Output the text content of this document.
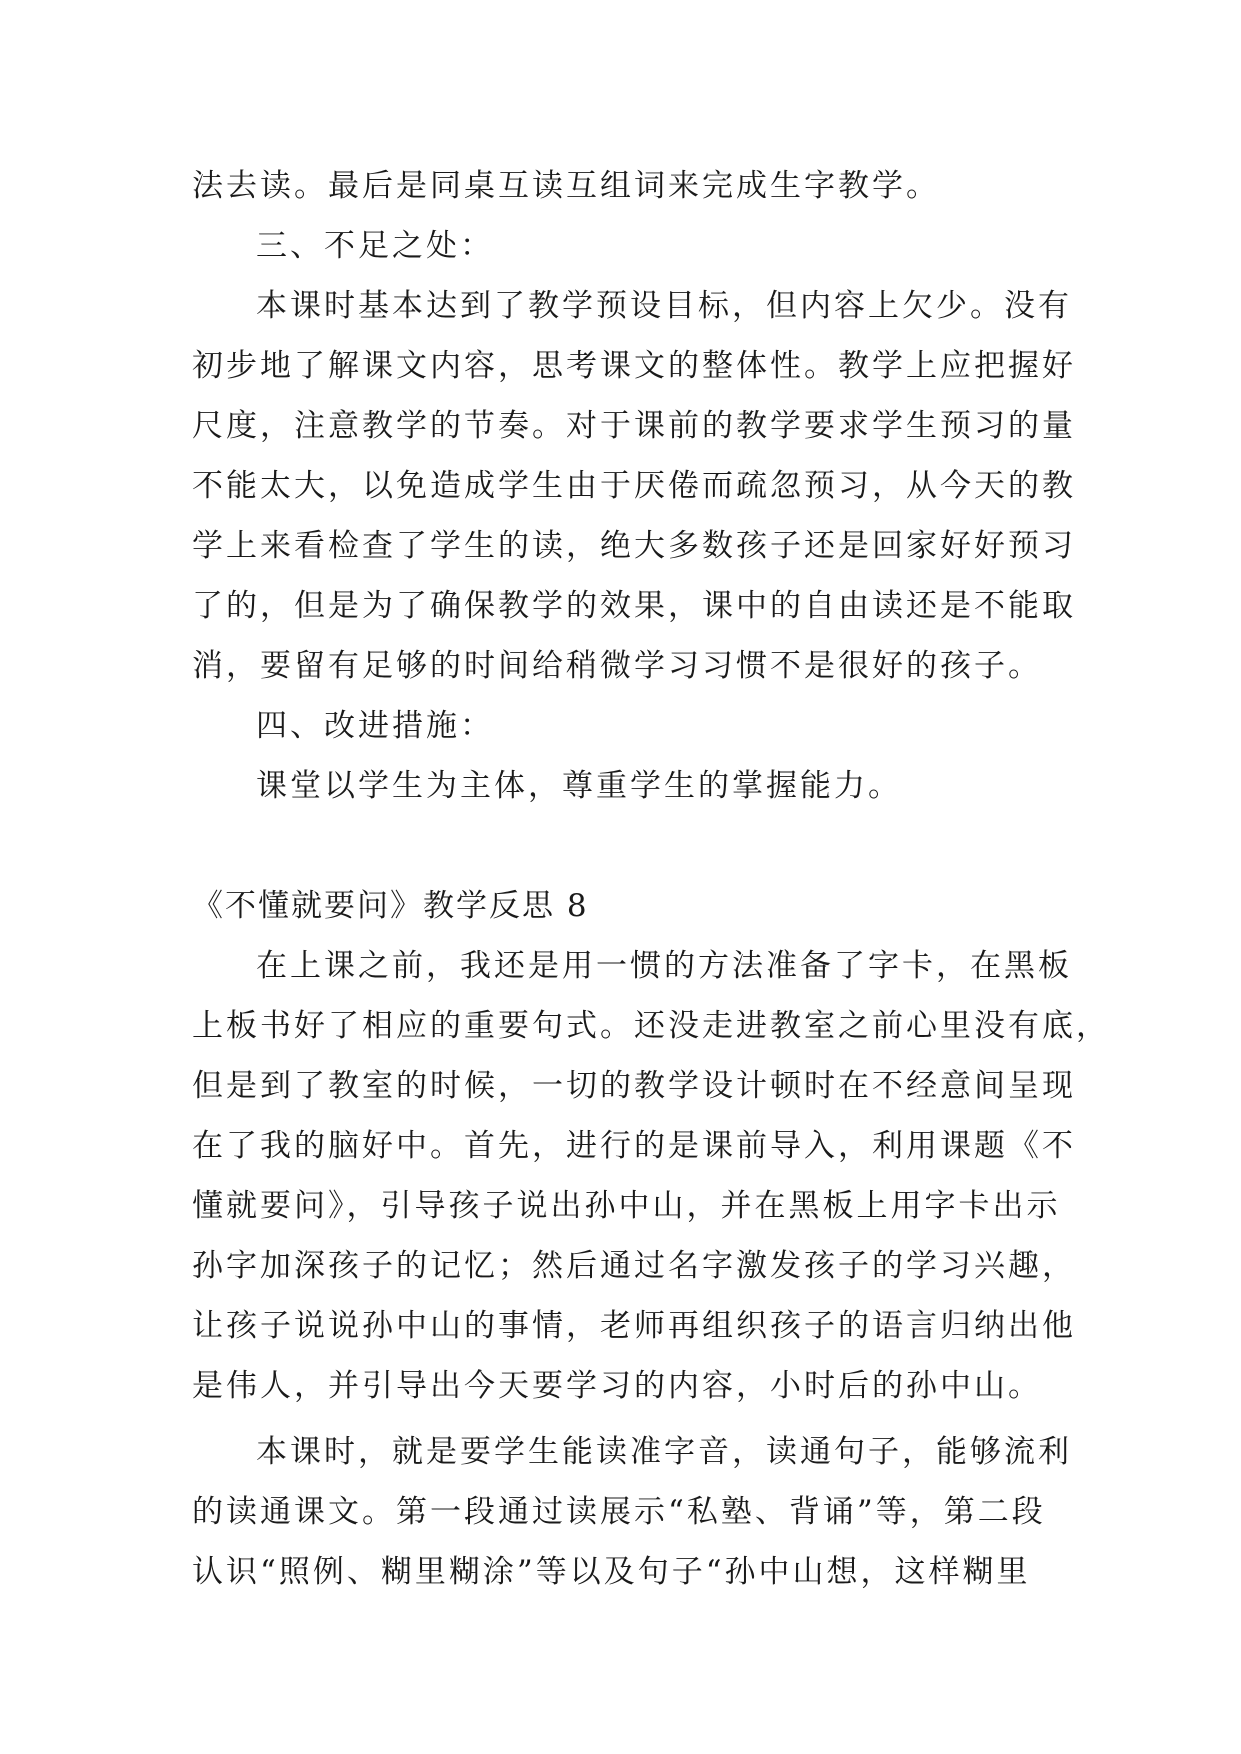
法去读。最后是同桌互读互组词来完成生字教学。
三、不足之处：
本课时基本达到了教学预设目标，但内容上欠少。没有
初步地了解课文内容，思考课文的整体性。教学上应把握好
尺度，注意教学的节奏。对于课前的教学要求学生预习的量
不能太大，以免造成学生由于厌倦而疏忽预习，从今天的教
学上来看检查了学生的读，绝大多数孩子还是回家好好预习
了的，但是为了确保教学的效果，课中的自由读还是不能取
消，要留有足够的时间给稍微学习习惯不是很好的孩子。
四、改进措施：
课堂以学生为主体，尊重学生的掌握能力。
《不懂就要问》教学反思 8
在上课之前，我还是用一惯的方法准备了字卡，在黑板
上板书好了相应的重要句式。还没走进教室之前心里没有底，
但是到了教室的时候，一切的教学设计顿时在不经意间呈现
在了我的脑好中。首先，进行的是课前导入，利用课题《不
懂就要问》，引导孩子说出孙中山，并在黑板上用字卡出示
孙字加深孩子的记忆；然后通过名字激发孩子的学习兴趣，
让孩子说说孙中山的事情，老师再组织孩子的语言归纳出他
是伟人，并引导出今天要学习的内容，小时后的孙中山。
本课时，就是要学生能读准字音，读通句子，能够流利
的读通课文。第一段通过读展示“私塾、背诵”等，第二段
认识“照例、糊里糊涂”等以及句子“孙中山想，这样糊里
